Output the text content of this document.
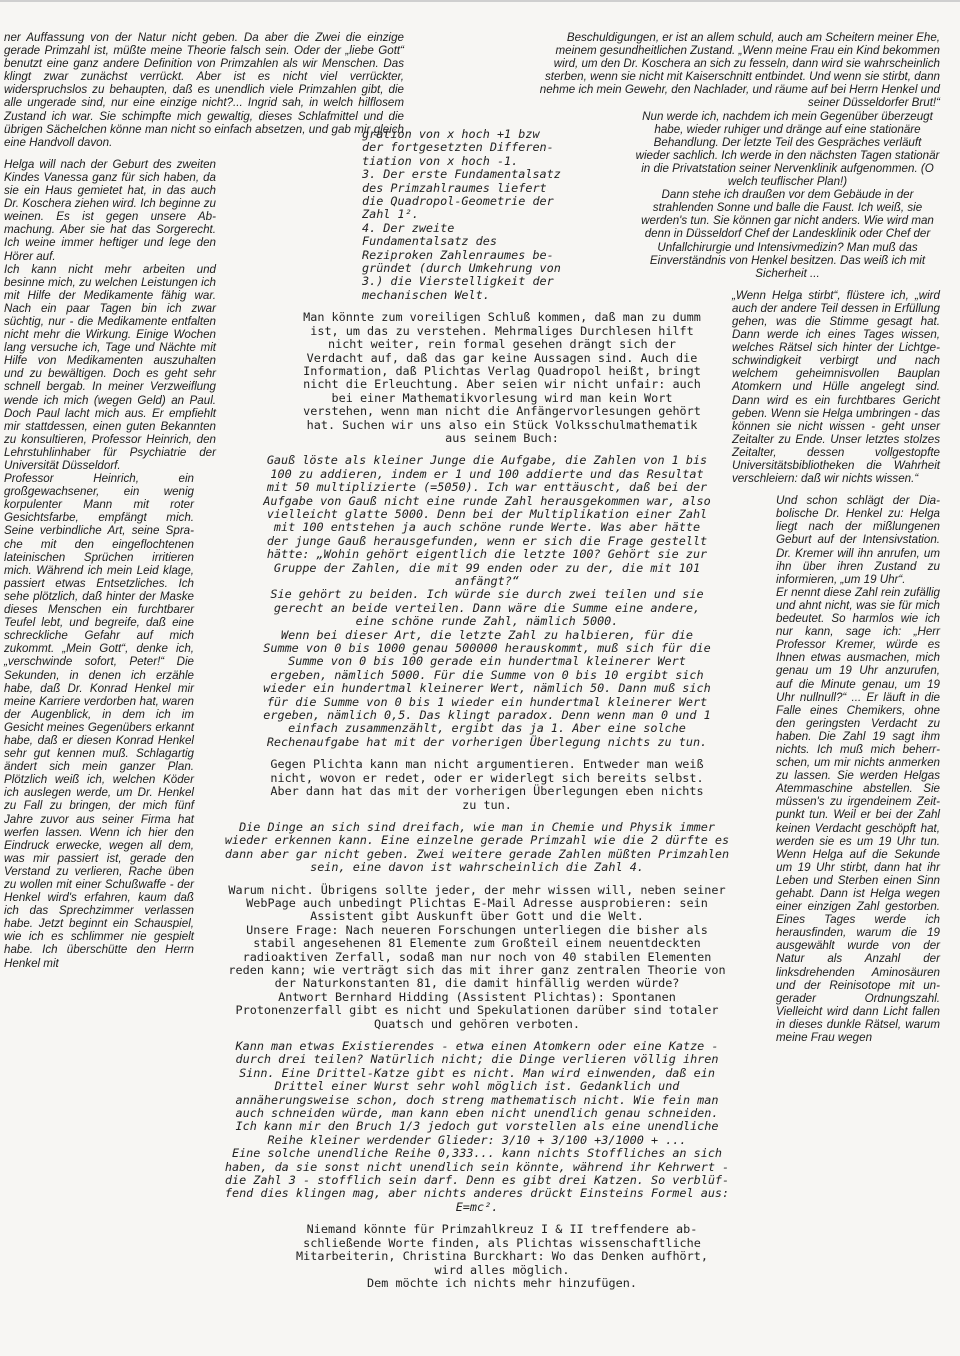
ner Auffassung von der Natur nicht geben. Da aber die Zwei die einzige gerade Primzahl ist, müßte meine Theorie falsch sein. Oder der „liebe Gott“ benutzt eine ganz andere Definition von Primzahlen als wir Menschen. Das klingt zwar zunächst verrückt. Aber ist es nicht viel verrückter, widerspruchslos zu behaupten, daß es unendlich viele Primzahlen gibt, die alle ungerade sind, nur eine einzige nicht?... Ingrid sah, in welch hilflosem Zustand ich war. Sie schimpfte mich gewaltig, dieses Schlafmittel und die übrigen Sächelchen könne man nicht so einfach absetzen, und gab mir gleich eine Handvoll davon.

Helga will nach der Geburt des zweiten Kindes Vanessa ganz für sich haben, da sie ein Haus gemietet hat, in das auch Dr. Koschera ziehen wird. Ich beginne zu weinen. Es ist gegen unsere Abmachung. Aber sie hat das Sorgerecht. Ich weine immer heftiger und lege den Hörer auf.

Ich kann nicht mehr arbeiten und besinne mich, zu welchen Leistungen ich mit Hilfe der Medikamente fähig war. Nach ein paar Tagen bin ich zwar süchtig, nur - die Medikamente entfalten nicht mehr die Wirkung. Einige Wochen lang versuche ich, Tage und Nächte mit Hilfe von Medikamenten auszuhalten und zu bewältigen. Doch es geht sehr schnell bergab. In meiner Verzweiflung wende ich mich (wegen Geld) an Paul. Doch Paul lacht mich aus. Er empfiehlt mir stattdessen, einen guten Bekannten zu konsultieren, Professor Heinrich, den Lehrstuhlinhaber für Psychiatrie der Universität Düsseldorf.

Professor Heinrich, ein großgewachsener, ein wenig korpulenter Mann mit roter Gesichtsfarbe, empfängt mich. Seine verbindliche Art, seine Sprache mit den eingeflochtenen lateinischen Sprüchen irritieren mich. Während ich mein Leid klage, passiert etwas Entsetzliches. Ich sehe plötzlich, daß hinter der Maske dieses Menschen ein furchtbarer Teufel lebt, und begreife, daß eine schreckliche Gefahr auf mich zukommt. „Mein Gott“, denke ich, „verschwinde sofort, Peter!“ Die Sekunden, in denen ich erzähle habe, daß Dr. Konrad Henkel mir meine Karriere verdorben hat, waren der Augenblick, in dem ich im Gesicht meines Gegenübers erkannt habe, daß er diesen Konrad Henkel sehr gut kennen muß. Schlagartig ändert sich mein ganzer Plan. Plötzlich weiß ich, welchen Köder ich auslegen werde, um Dr. Henkel zu Fall zu bringen, der mich fünf Jahre zuvor aus seiner Firma hat werfen lassen. Wenn ich hier den Eindruck erwecke, wegen all dem, was mir passiert ist, gerade den Verstand zu verlieren, Rache üben zu wollen mit einer Schußwaffe - der Henkel wird's erfahren, kaum daß ich das Sprechzimmer verlassen habe. Jetzt beginnt ein Schauspiel, wie ich es schlimmer nie gespielt habe. Ich überschütte den Herrn Henkel mit

gration von x hoch +1 bzw der fortgesetzten Differentiation von x hoch -1.
3. Der erste Fundamentalsatz des Primzahlraumes liefert die Quadropol-Geometrie der Zahl 1².
4. Der zweite Fundamentalsatz des Reziproken Zahlenraumes begründet (durch Umkehrung von 3.) die Vierstelligkeit der mechanischen Welt.

Man könnte zum voreiligen Schluß kommen, daß man zu dumm ist, um das zu verstehen. Mehrmaliges Durchlesen hilft nicht weiter, rein formal gesehen drängt sich der Verdacht auf, daß das gar keine Aussagen sind. Auch die Information, daß Plichtas Verlag Quadropol heißt, bringt nicht die Erleuchtung. Aber seien wir nicht unfair: auch bei einer Mathematikvorlesung wird man kein Wort verstehen, wenn man nicht die Anfängervorlesungen gehört hat. Suchen wir uns also ein Stück Volksschulmathematik aus seinem Buch:

Gauß löste als kleiner Junge die Aufgabe, die Zahlen von 1 bis 100 zu addieren, indem er 1 und 100 addierte und das Resultat mit 50 multiplizierte (=5050). Ich war enttäuscht, daß bei der Aufgabe von Gauß nicht eine runde Zahl herausgekommen war, also vielleicht glatte 5000. Denn bei der Multiplikation einer Zahl mit 100 entstehen ja auch schöne runde Werte. Was aber hätte der junge Gauß herausgefunden, wenn er sich die Frage gestellt hätte: „Wohin gehört eigentlich die letzte 100? Gehört sie zur Gruppe der Zahlen, die mit 99 enden oder zu der, die mit 101 anfängt?“
Sie gehört zu beiden. Ich würde sie durch zwei teilen und sie gerecht an beide verteilen. Dann wäre die Summe eine andere, eine schöne runde Zahl, nämlich 5000.
Wenn bei dieser Art, die letzte Zahl zu halbieren, für die Summe von 0 bis 1000 genau 500000 herauskommt, muß sich für die Summe von 0 bis 100 gerade ein hundertmal kleinerer Wert ergeben, nämlich 5000. Für die Summe von 0 bis 10 ergibt sich wieder ein hundertmal kleinerer Wert, nämlich 50. Dann muß sich für die Summe von 0 bis 1 wieder ein hundertmal kleinerer Wert ergeben, nämlich 0,5. Das klingt paradox. Denn wenn man 0 und 1 einfach zusammenzählt, ergibt das ja 1. Aber eine solche Rechenaufgabe hat mit der vorherigen Überlegung nichts zu tun.

Gegen Plichta kann man nicht argumentieren. Entweder man weiß nicht, wovon er redet, oder er widerlegt sich bereits selbst. Aber dann hat das mit der vorherigen Überlegungen eben nichts zu tun.

Die Dinge an sich sind dreifach, wie man in Chemie und Physik immer wieder erkennen kann. Eine einzelne gerade Primzahl wie die 2 dürfte es dann aber gar nicht geben. Zwei weitere gerade Zahlen müßten Primzahlen sein, eine davon ist wahrscheinlich die Zahl 4.

Warum nicht. Übrigens sollte jeder, der mehr wissen will, neben seiner WebPage auch unbedingt Plichtas E-Mail Adresse ausprobieren: sein Assistent gibt Auskunft über Gott und die Welt.
Unsere Frage: Nach neueren Forschungen unterliegen die bisher als stabil angesehenen 81 Elemente zum Großteil einem neuentdeckten radioaktiven Zerfall, sodaß man nur noch von 40 stabilen Elementen reden kann; wie verträgt sich das mit ihrer ganz zentralen Theorie von der Naturkonstanten 81, die damit hinfällig werden würde?
Antwort Bernhard Hidding (Assistent Plichtas): Spontanen Protonenzerfall gibt es nicht und Spekulationen darüber sind totaler Quatsch und gehören verboten.

Kann man etwas Existierendes - etwa einen Atomkern oder eine Katze - durch drei teilen? Natürlich nicht; die Dinge verlieren völlig ihren Sinn. Eine Drittel-Katze gibt es nicht. Man wird einwenden, daß ein Drittel einer Wurst sehr wohl möglich ist. Gedanklich und annäherungsweise schon, doch streng mathematisch nicht. Wie fein man auch schneiden würde, man kann eben nicht unendlich genau schneiden. Ich kann mir den Bruch 1/3 jedoch gut vorstellen als eine unendliche Reihe kleiner werdender Glieder: 3/10 + 3/100 +3/1000 + ...
Eine solche unendliche Reihe 0,333... kann nichts Stoffliches an sich haben, da sie sonst nicht unendlich sein könnte, während ihr Kehrwert - die Zahl 3 - stofflich sein darf. Denn es gibt drei Katzen. So verblüffend dies klingen mag, aber nichts anderes drückt Einsteins Formel aus: E=mc².

Niemand könnte für Primzahlkreuz I & II treffendere abschließende Worte finden, als Plichtas wissenschaftliche Mitarbeiterin, Christina Burckhart: Wo das Denken aufhört, wird alles möglich.
Dem möchte ich nichts mehr hinzufügen.

Beschuldigungen, er ist an allem schuld, auch am Scheitern meiner Ehe, meinem gesundheitlichen Zustand. „Wenn meine Frau ein Kind bekommen wird, um den Dr. Koschera an sich zu fesseln, dann wird sie wahrscheinlich sterben, wenn sie nicht mit Kaiserschnitt entbindet. Und wenn sie stirbt, dann nehme ich mein Gewehr, den Nachlader, und räume auf bei Herrn Henkel und seiner Düsseldorfer Brut!“

Nun werde ich, nachdem ich mein Gegenüber überzeugt habe, wieder ruhiger und dränge auf eine stationäre Behandlung. Der letzte Teil des Gespräches verläuft wieder sachlich. Ich werde in den nächsten Tagen stationär in die Privatstation seiner Nervenklinik aufgenommen. (O welch teuflischer Plan!)

Dann stehe ich draußen vor dem Gebäude in der strahlenden Sonne und balle die Faust. Ich weiß, sie werden's tun. Sie können gar nicht anders. Wie wird man denn in Düsseldorf Chef der Landesklinik oder Chef der Unfallchirurgie und Intensivmedizin? Man muß das Einverständnis von Henkel besitzen. Das weiß ich mit Sicherheit ...

„Wenn Helga stirbt“, flüstere ich, „wird auch der andere Teil dessen in Erfüllung gehen, was die Stimme gesagt hat. Dann werde ich eines Tages wissen, welches Rätsel sich hinter der Lichtgeschwindigkeit verbirgt und nach welchem geheimnisvollen Bauplan Atomkern und Hülle angelegt sind. Dann wird es ein furchtbares Gericht geben. Wenn sie Helga umbringen - das können sie nicht wissen - geht unser Zeitalter zu Ende. Unser letztes stolzes Zeitalter, dessen vollgestopfte Universitätsbibliotheken die Wahrheit verschleiern: daß wir nichts wissen.“

Und schon schlägt der Diabolische Dr. Henkel zu: Helga liegt nach der mißlungenen Geburt auf der Intensivstation. Dr. Kremer will ihn anrufen, um ihn über ihren Zustand zu informieren, „um 19 Uhr“.
Er nennt diese Zahl rein zufällig und ahnt nicht, was sie für mich bedeutet. So harmlos wie ich nur kann, sage ich: „Herr Professor Kremer, würde es Ihnen etwas ausmachen, mich genau um 19 Uhr anzurufen, auf die Minute genau, um 19 Uhr nullnull?“ ... Er läuft in die Falle eines Chemikers, ohne den geringsten Verdacht zu haben. Die Zahl 19 sagt ihm nichts. Ich muß mich beherrschen, um mir nichts anmerken zu lassen. Sie werden Helgas Atemmaschine abstellen. Sie müssen's zu irgendeinem Zeitpunkt tun. Weil er bei der Zahl keinen Verdacht geschöpft hat, werden sie es um 19 Uhr tun. Wenn Helga auf die Sekunde um 19 Uhr stirbt, dann hat ihr Leben und Sterben einen Sinn gehabt. Dann ist Helga wegen einer einzigen Zahl gestorben. Eines Tages werde ich herausfinden, warum die 19 ausgewählt wurde von der Natur als Anzahl der linksdrehenden Aminosäuren und der Reinisotope mit ungerader Ordnungszahl. Vielleicht wird dann Licht fallen in dieses dunkle Rätsel, warum meine Frau wegen
